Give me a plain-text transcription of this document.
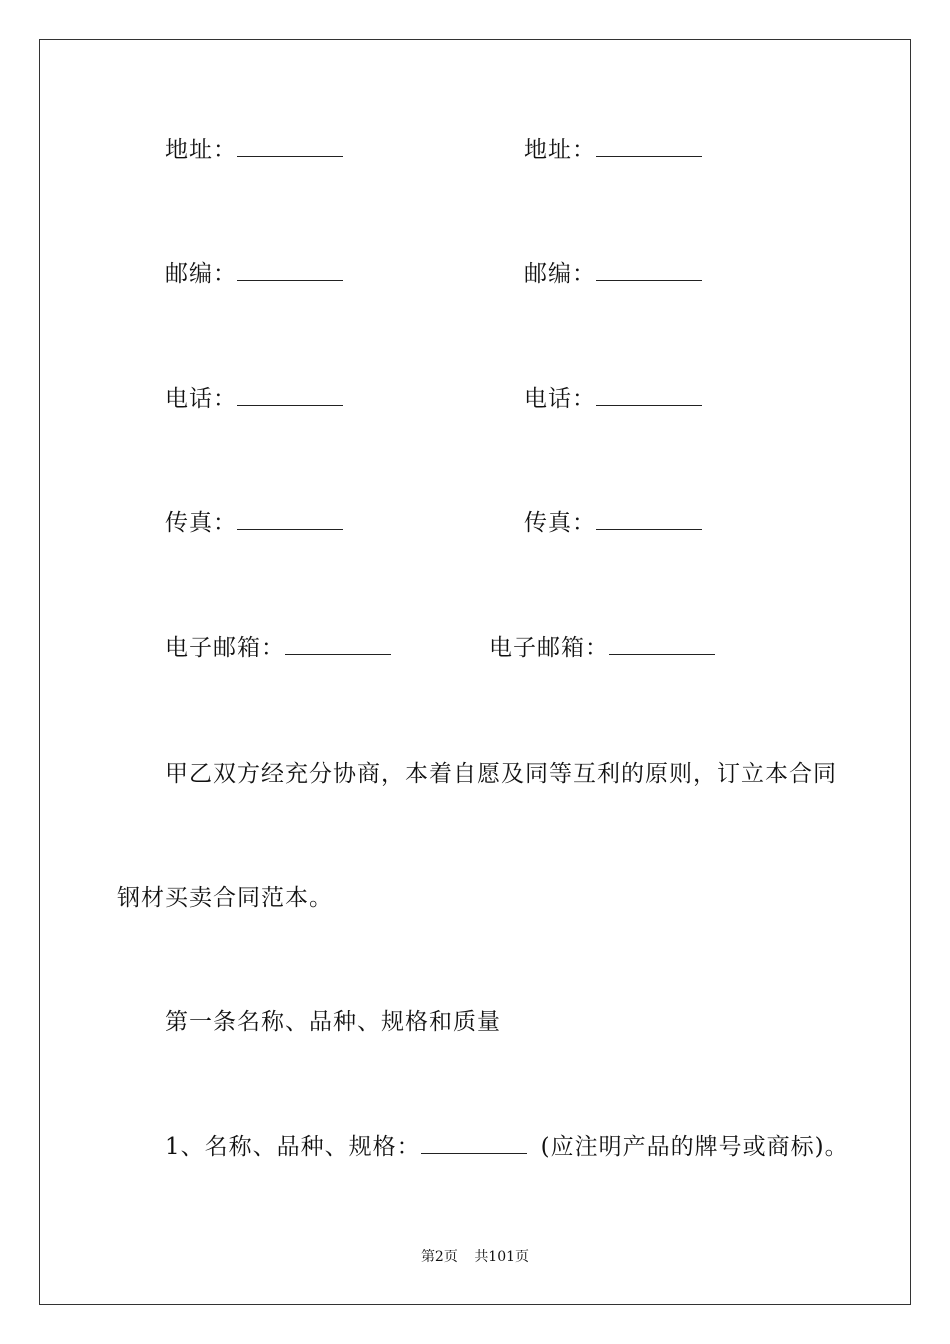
地址：	地址：
邮编：	邮编：
电话：	电话：
传真：	传真：
电子邮箱：	电子邮箱：
甲乙双方经充分协商，本着自愿及同等互利的原则，订立本合同
钢材买卖合同范本。
第一条名称、品种、规格和质量
1、名称、品种、规格：	(应注明产品的牌号或商标)。
第2页 共101页
